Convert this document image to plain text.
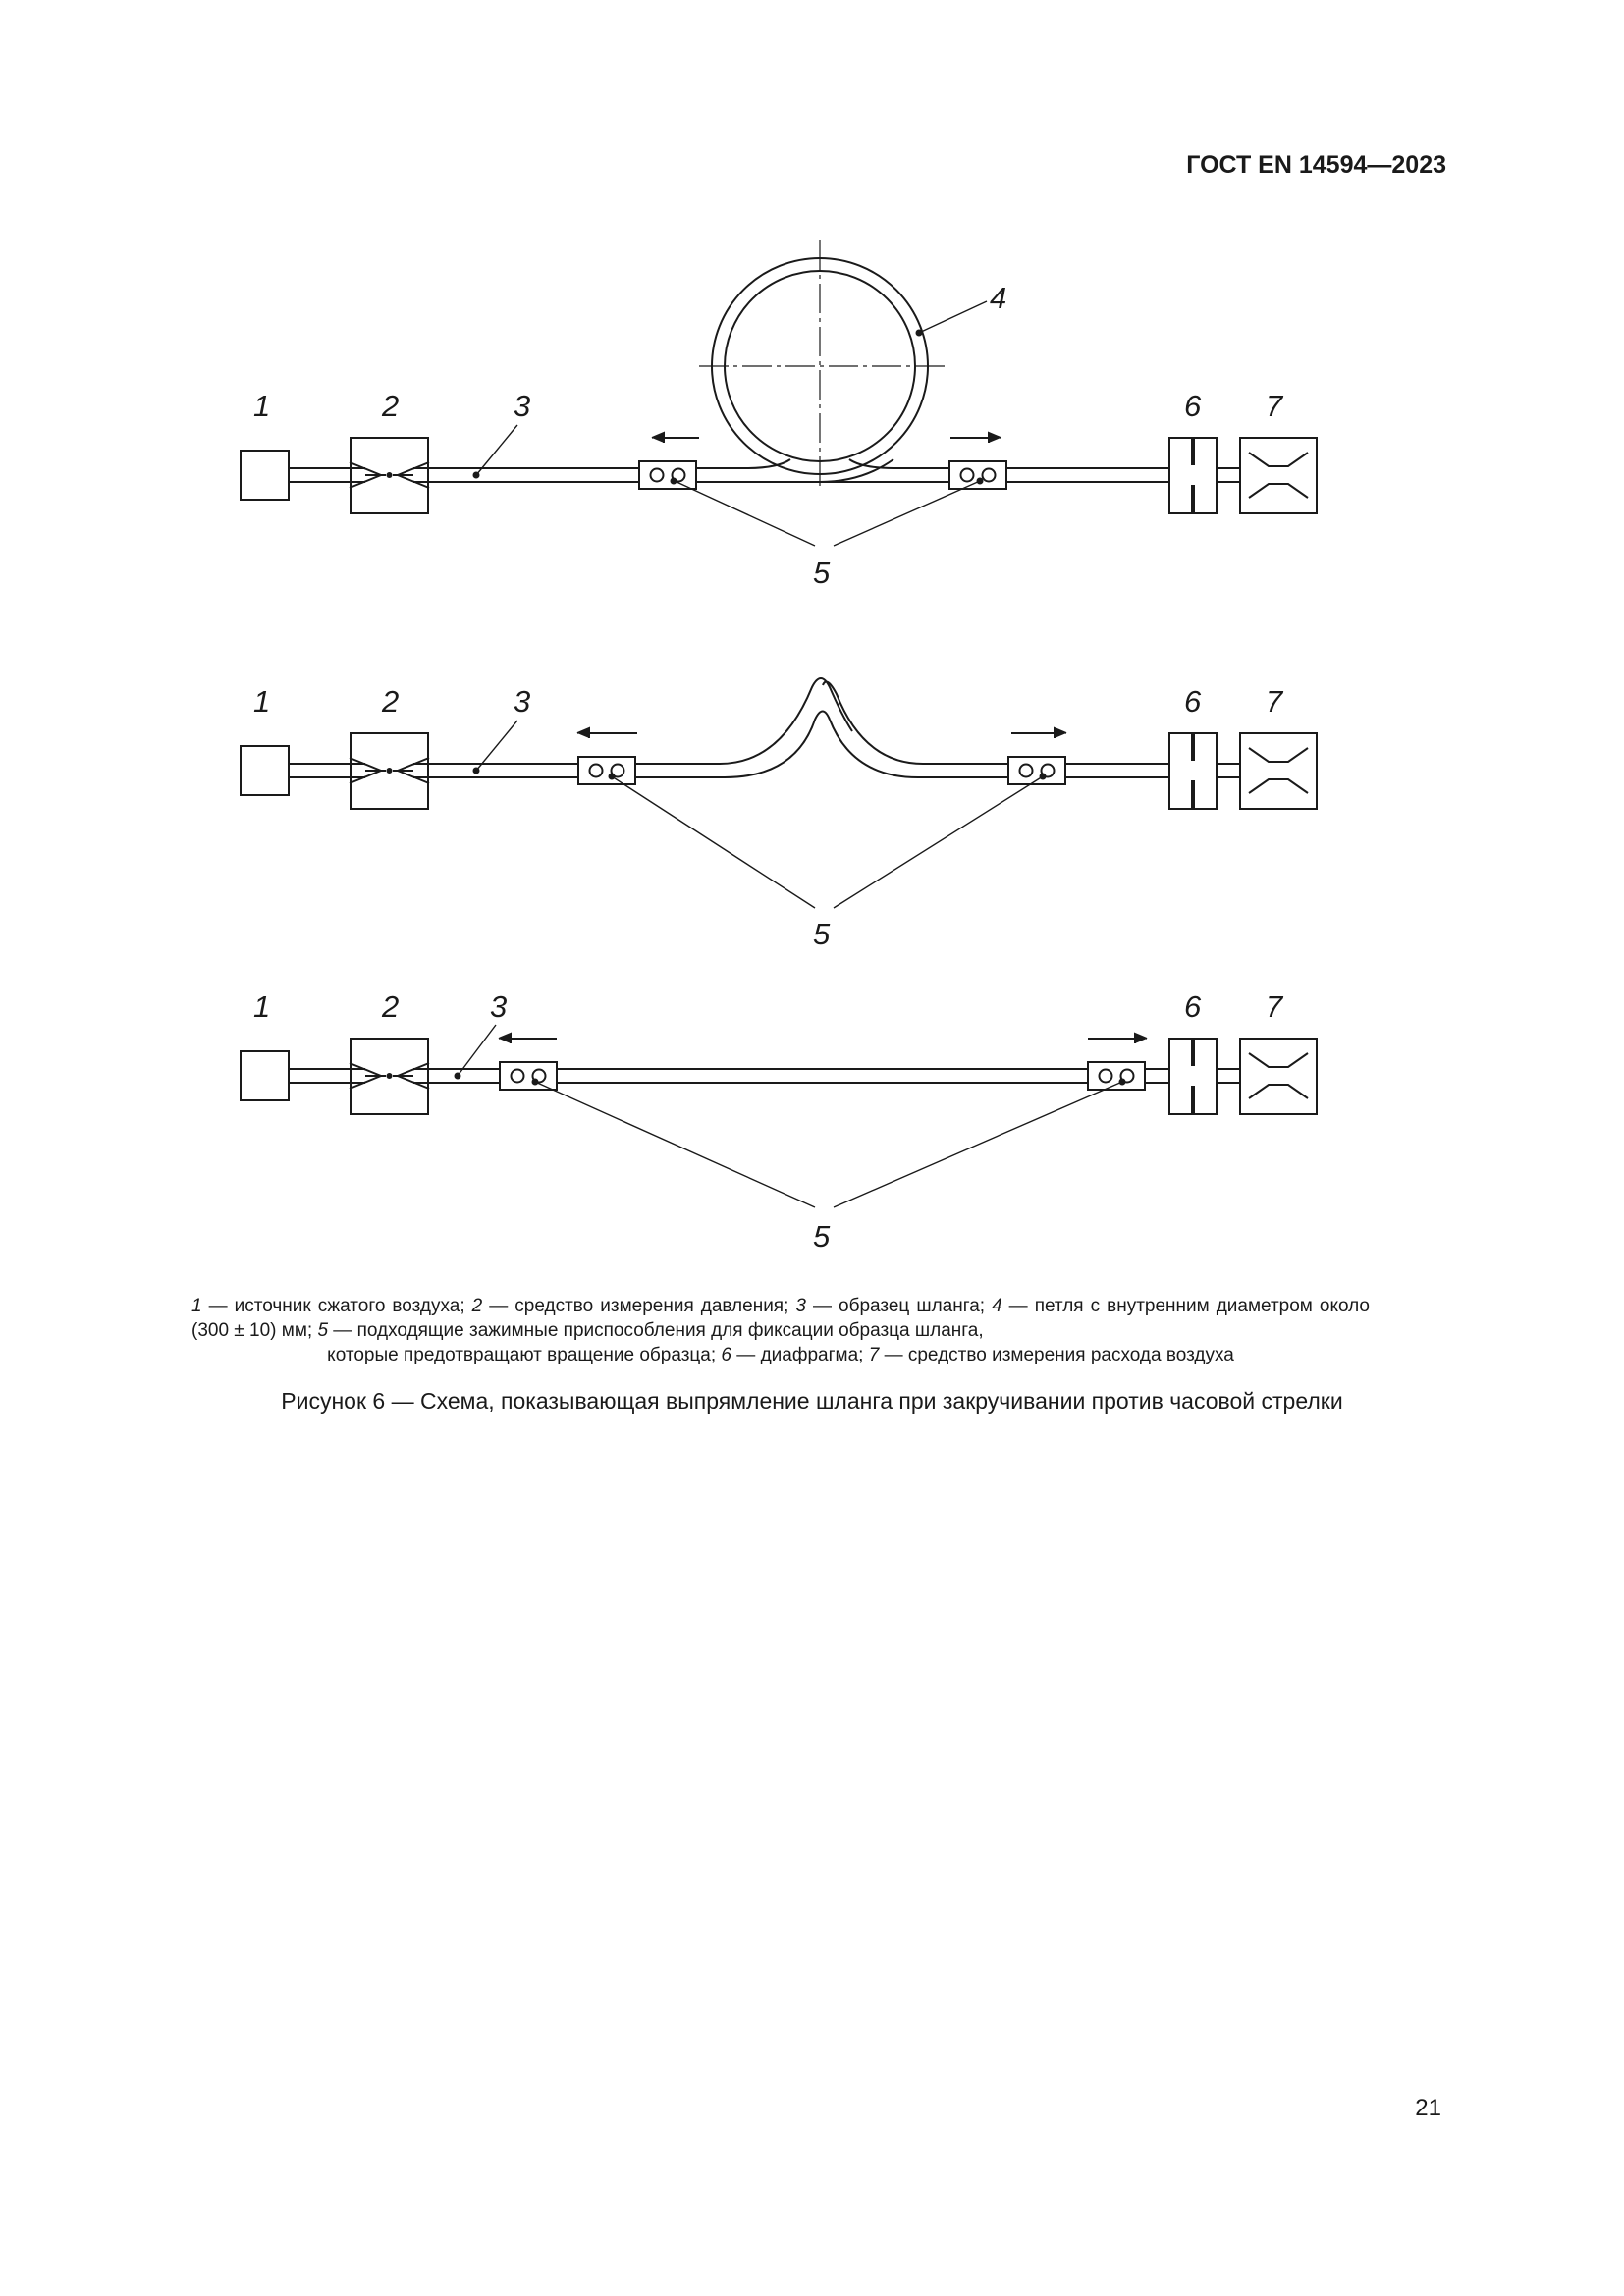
ГОСТ EN 14594—2023
1	2	3
4
5
6 7
1	2	3
5
6 7
1	2	3
5
6 7
1 — источник сжатого воздуха; 2 — средство измерения давления; 3 — образец шланга; 4 — петля с внутренним диаметром около (300 ± 10) мм; 5 — подходящие зажимные приспособления для фиксации образца шланга,
которые предотвращают вращение образца; 6 — диафрагма; 7 — средство измерения расхода воздуха
Рисунок 6 — Схема, показывающая выпрямление шланга при закручивании против часовой стрелки
21
